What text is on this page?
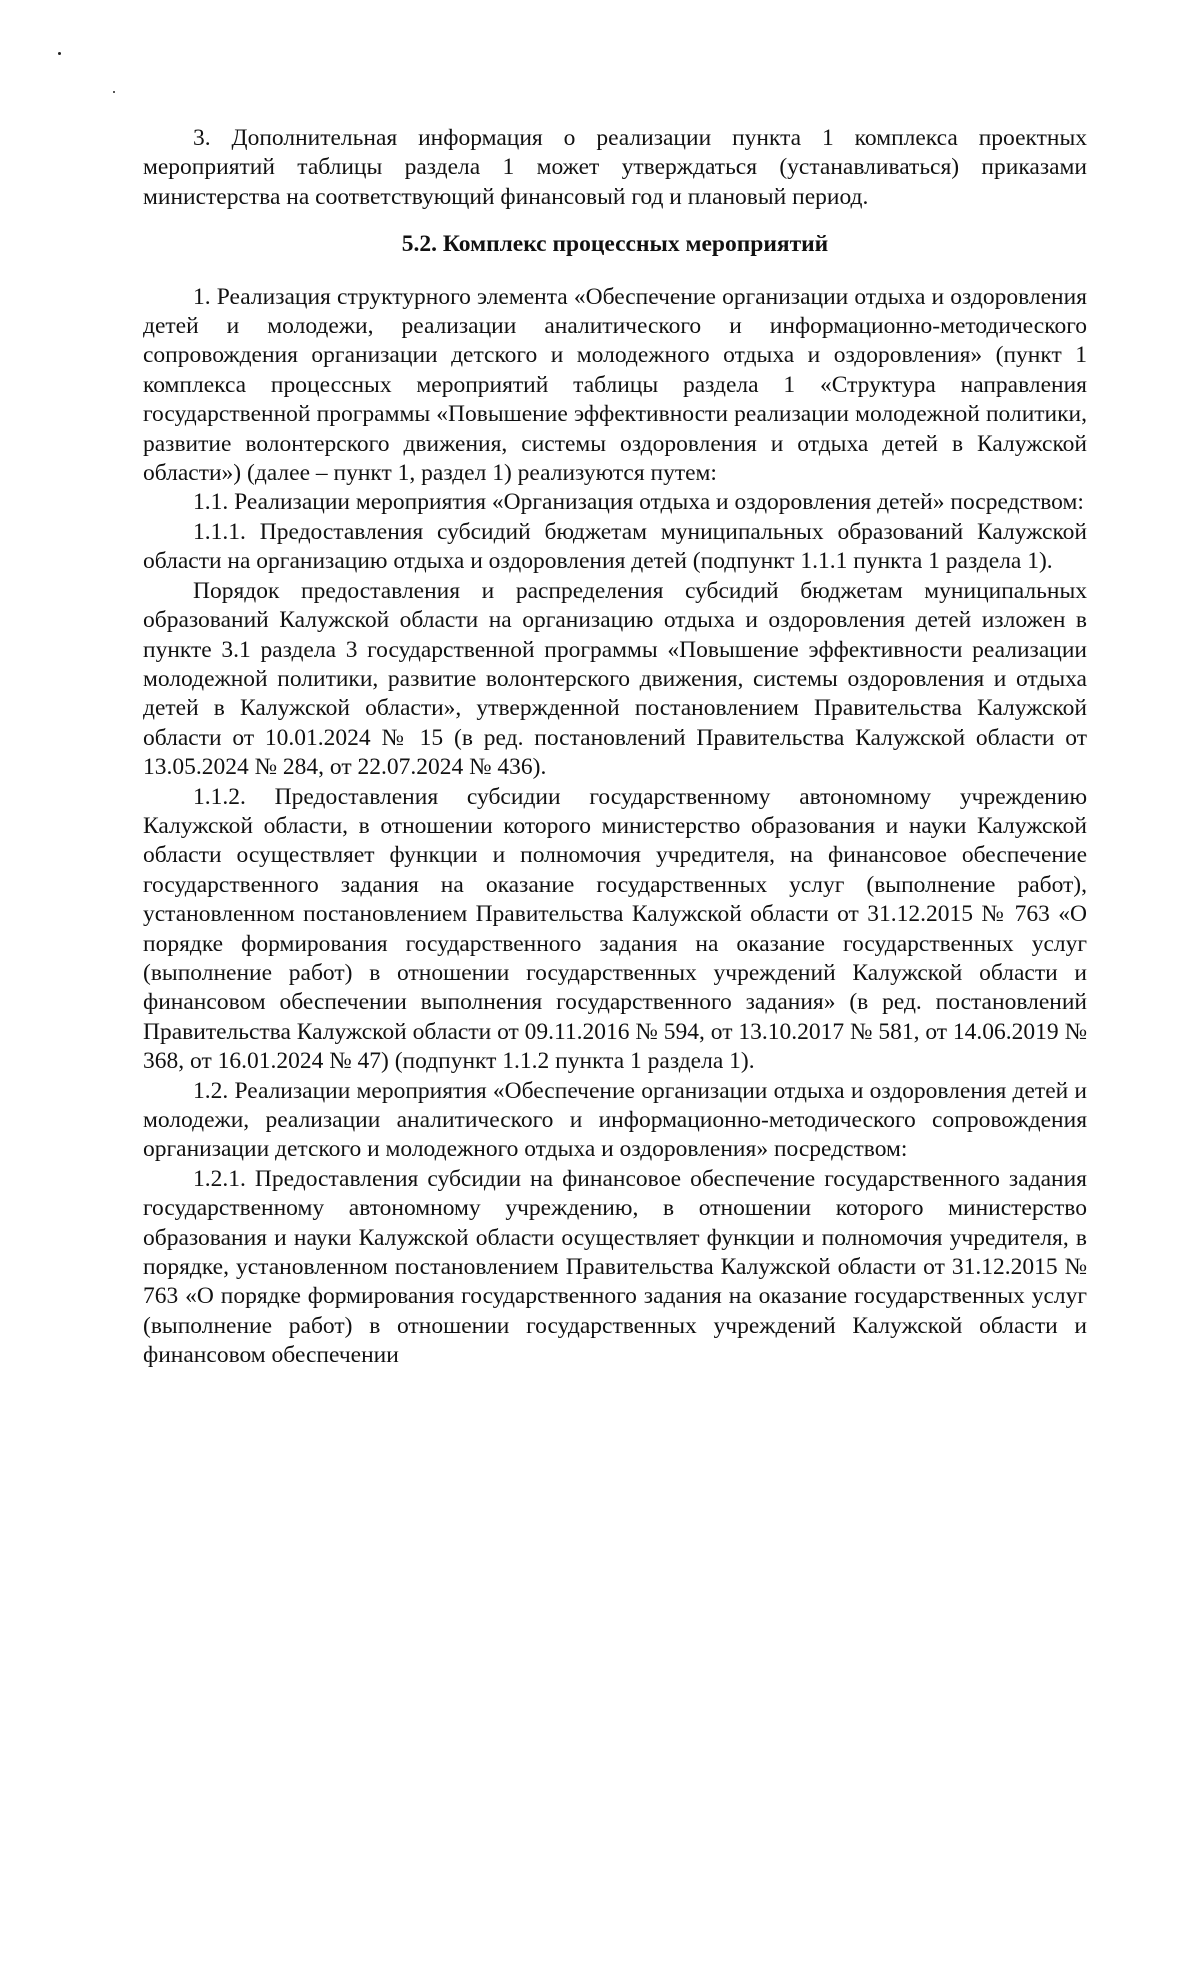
3. Дополнительная информация о реализации пункта 1 комплекса проектных мероприятий таблицы раздела 1 может утверждаться (устанавливаться) приказами министерства на соответствующий финансовый год и плановый период.

5.2. Комплекс процессных мероприятий

1. Реализация структурного элемента «Обеспечение организации отдыха и оздоровления детей и молодежи, реализации аналитического и информационно-методического сопровождения организации детского и молодежного отдыха и оздоровления» (пункт 1 комплекса процессных мероприятий таблицы раздела 1 «Структура направления государственной программы «Повышение эффективности реализации молодежной политики, развитие волонтерского движения, системы оздоровления и отдыха детей в Калужской области») (далее – пункт 1, раздел 1) реализуются путем:

1.1. Реализации мероприятия «Организация отдыха и оздоровления детей» посредством:

1.1.1. Предоставления субсидий бюджетам муниципальных образований Калужской области на организацию отдыха и оздоровления детей (подпункт 1.1.1 пункта 1 раздела 1).

Порядок предоставления и распределения субсидий бюджетам муниципальных образований Калужской области на организацию отдыха и оздоровления детей изложен в пункте 3.1 раздела 3 государственной программы «Повышение эффективности реализации молодежной политики, развитие волонтерского движения, системы оздоровления и отдыха детей в Калужской области», утвержденной постановлением Правительства Калужской области от 10.01.2024 № 15 (в ред. постановлений Правительства Калужской области от 13.05.2024 № 284, от 22.07.2024 № 436).

1.1.2. Предоставления субсидии государственному автономному учреждению Калужской области, в отношении которого министерство образования и науки Калужской области осуществляет функции и полномочия учредителя, на финансовое обеспечение государственного задания на оказание государственных услуг (выполнение работ), установленном постановлением Правительства Калужской области от 31.12.2015 № 763 «О порядке формирования государственного задания на оказание государственных услуг (выполнение работ) в отношении государственных учреждений Калужской области и финансовом обеспечении выполнения государственного задания» (в ред. постановлений Правительства Калужской области от 09.11.2016 № 594, от 13.10.2017 № 581, от 14.06.2019 № 368, от 16.01.2024 № 47) (подпункт 1.1.2 пункта 1 раздела 1).

1.2. Реализации мероприятия «Обеспечение организации отдыха и оздоровления детей и молодежи, реализации аналитического и информационно-методического сопровождения организации детского и молодежного отдыха и оздоровления» посредством:

1.2.1. Предоставления субсидии на финансовое обеспечение государственного задания государственному автономному учреждению, в отношении которого министерство образования и науки Калужской области осуществляет функции и полномочия учредителя, в порядке, установленном постановлением Правительства Калужской области от 31.12.2015 № 763 «О порядке формирования государственного задания на оказание государственных услуг (выполнение работ) в отношении государственных учреждений Калужской области и финансовом обеспечении
